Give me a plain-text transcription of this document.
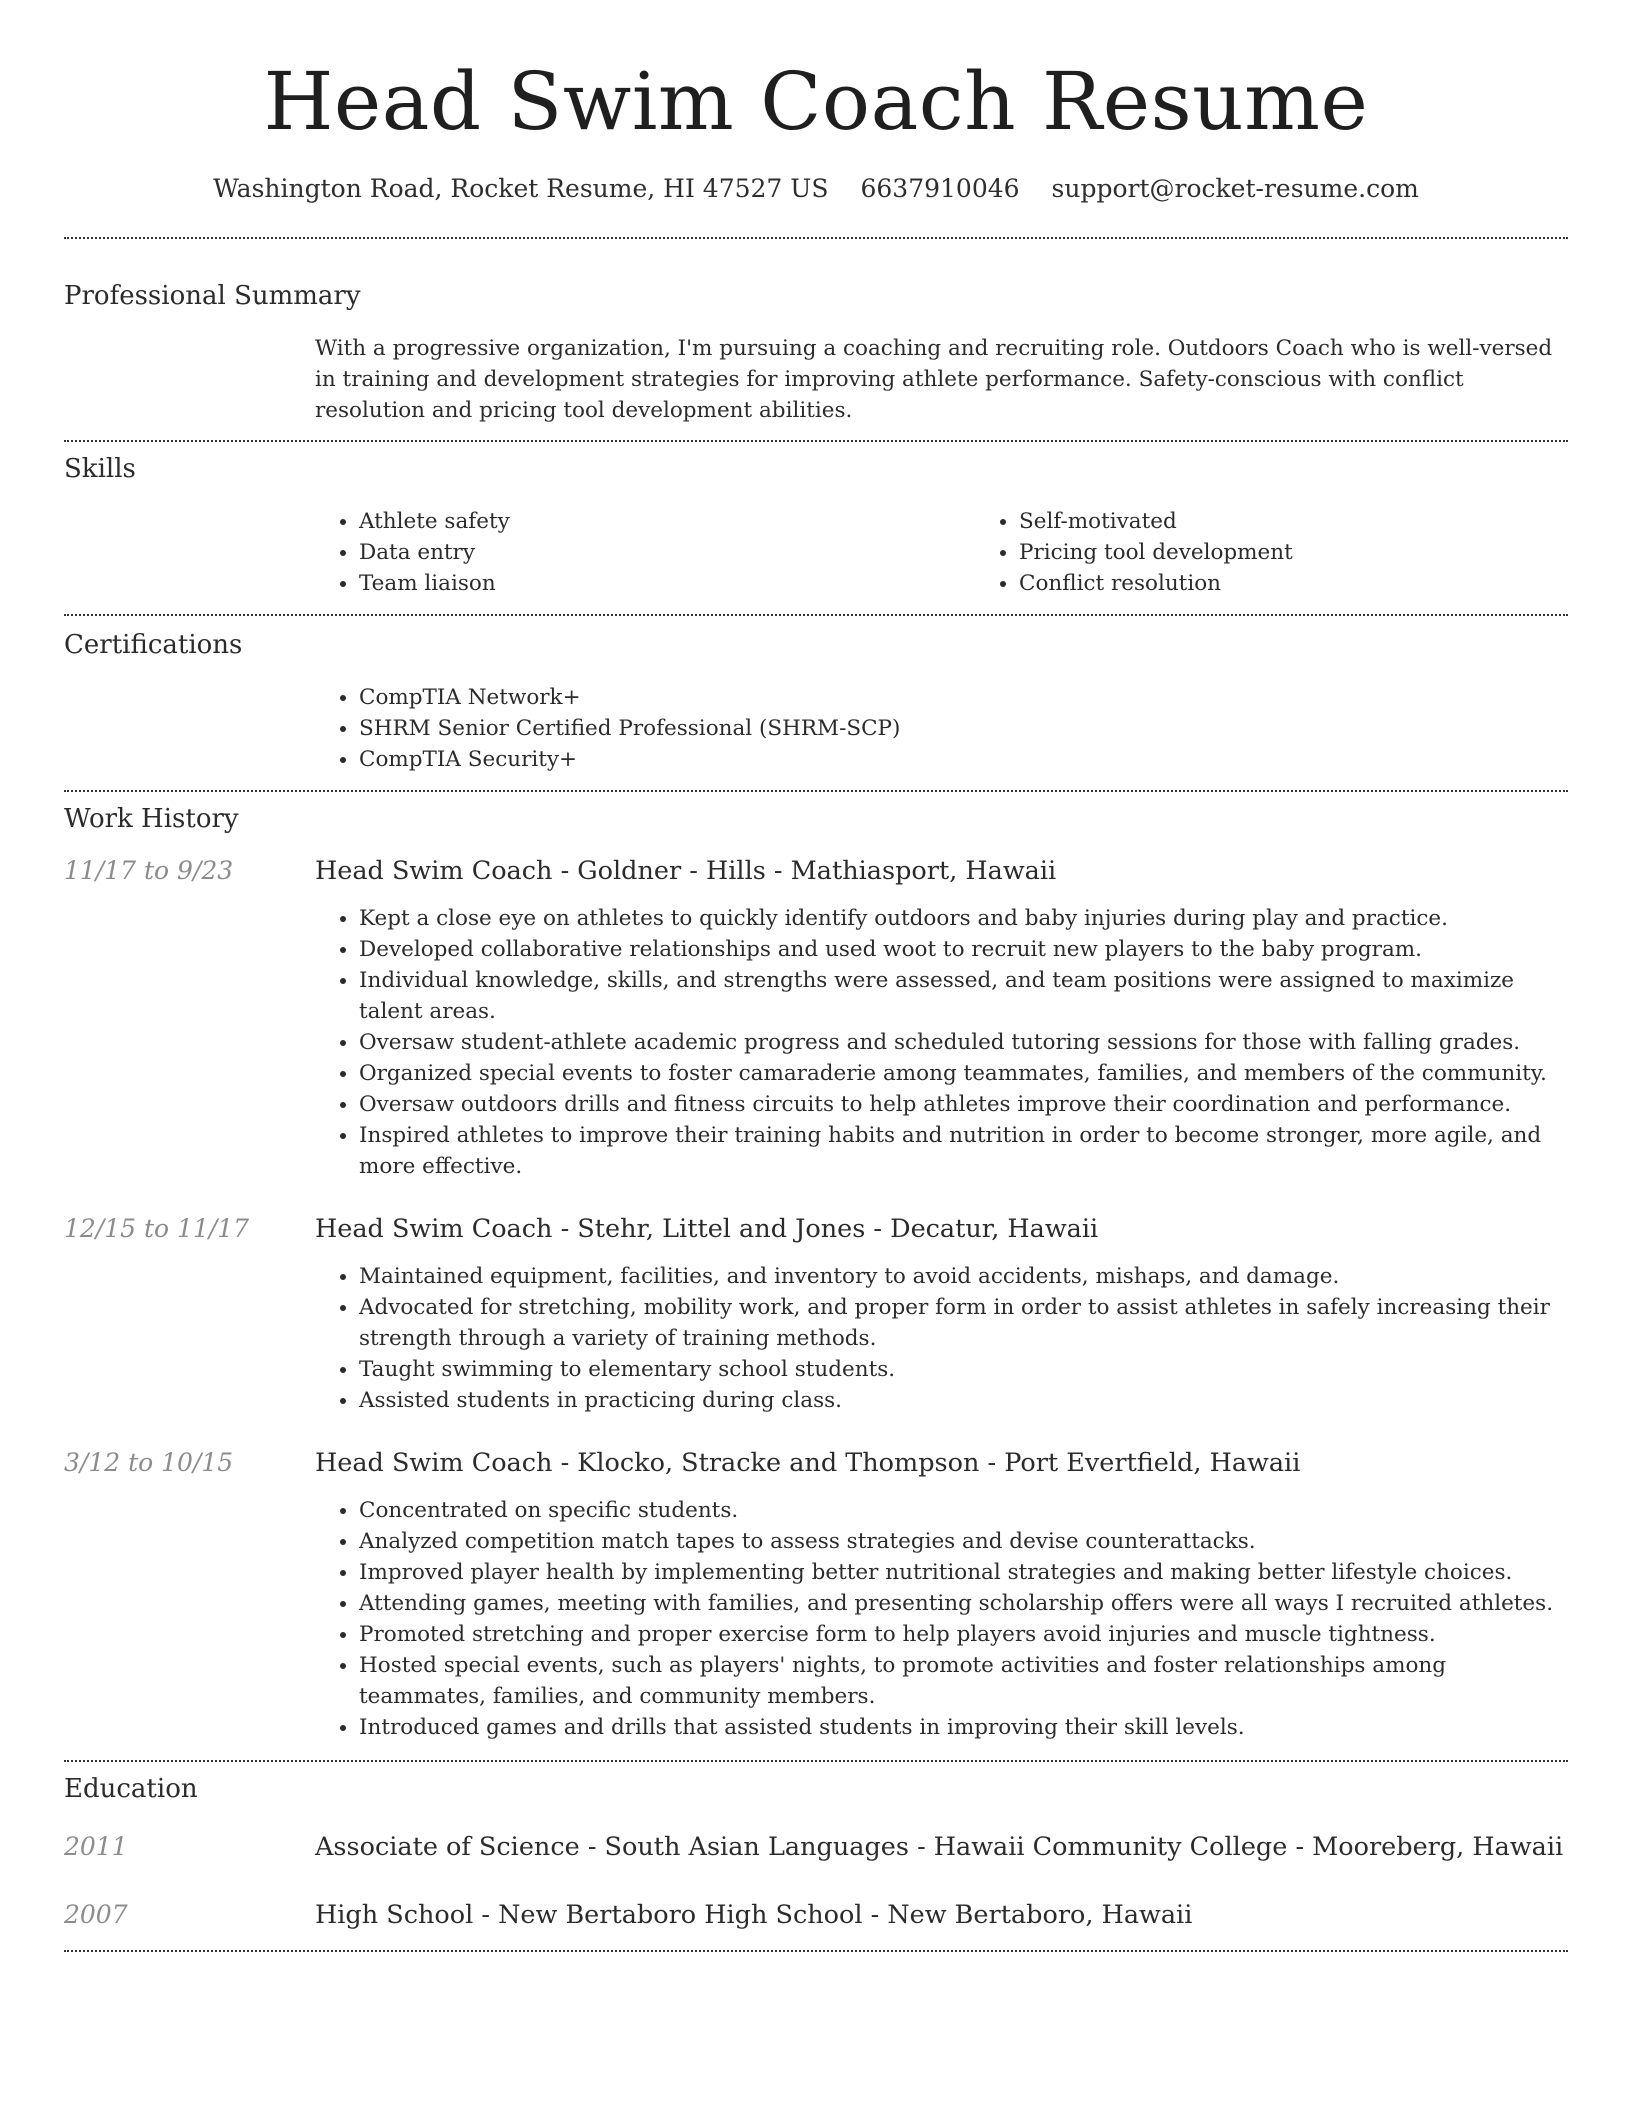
Head Swim Coach Resume
Washington Road, Rocket Resume, HI 47527 US 6637910046 support@rocket-resume.com
Professional Summary

With a progressive organization, I'm pursuing a coaching and recruiting role. Outdoors Coach who is well-versed in training and development strategies for improving athlete performance. Safety-conscious with conflict resolution and pricing tool development abilities.

Skills
• Athlete safety
• Data entry
• Team liaison
• Self-motivated
• Pricing tool development
• Conflict resolution
Certifications
• CompTIA Network+
• SHRM Senior Certified Professional (SHRM-SCP)
• CompTIA Security+
Work History
11/17 to 9/23	Head Swim Coach - Goldner - Hills - Mathiasport, Hawaii
• Kept a close eye on athletes to quickly identify outdoors and baby injuries during play and practice.
• Developed collaborative relationships and used woot to recruit new players to the baby program.
• Individual knowledge, skills, and strengths were assessed, and team positions were assigned to maximize talent areas.
• Oversaw student-athlete academic progress and scheduled tutoring sessions for those with falling grades.
• Organized special events to foster camaraderie among teammates, families, and members of the community.
• Oversaw outdoors drills and fitness circuits to help athletes improve their coordination and performance.
• Inspired athletes to improve their training habits and nutrition in order to become stronger, more agile, and more effective.
12/15 to 11/17	Head Swim Coach - Stehr, Littel and Jones - Decatur, Hawaii
• Maintained equipment, facilities, and inventory to avoid accidents, mishaps, and damage.
• Advocated for stretching, mobility work, and proper form in order to assist athletes in safely increasing their strength through a variety of training methods.
• Taught swimming to elementary school students.
• Assisted students in practicing during class.
3/12 to 10/15	Head Swim Coach - Klocko, Stracke and Thompson - Port Evertfield, Hawaii
• Concentrated on specific students.
• Analyzed competition match tapes to assess strategies and devise counterattacks.
• Improved player health by implementing better nutritional strategies and making better lifestyle choices.
• Attending games, meeting with families, and presenting scholarship offers were all ways I recruited athletes.
• Promoted stretching and proper exercise form to help players avoid injuries and muscle tightness.
• Hosted special events, such as players' nights, to promote activities and foster relationships among teammates, families, and community members.
• Introduced games and drills that assisted students in improving their skill levels.
Education
2011	Associate of Science - South Asian Languages - Hawaii Community College - Mooreberg, Hawaii
2007	High School - New Bertaboro High School - New Bertaboro, Hawaii
